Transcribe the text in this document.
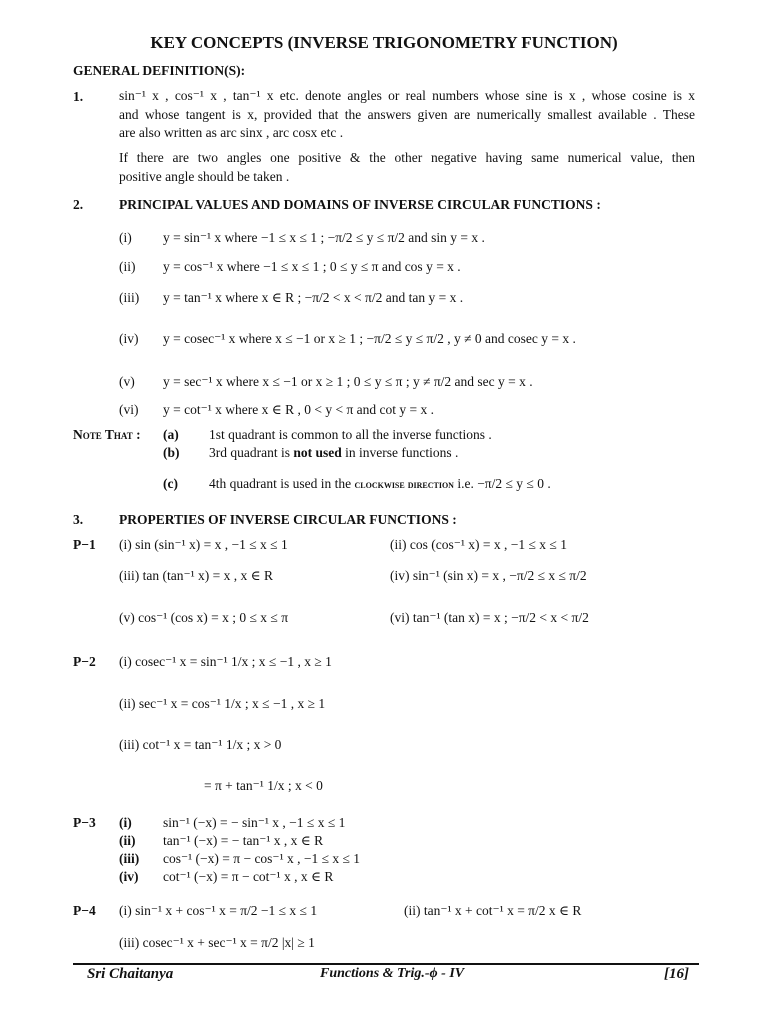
KEY CONCEPTS (INVERSE TRIGONOMETRY FUNCTION)
GENERAL DEFINITION(S):
1.	sin⁻¹ x , cos⁻¹ x , tan⁻¹ x etc. denote angles or real numbers whose sine is x , whose cosine is x
and whose tangent is x, provided that the answers given are numerically smallest available . These
are also written as arc sinx , arc cosx etc .
If there are two angles one positive & the other negative having same numerical value, then
positive angle should be taken .
2.	PRINCIPAL VALUES AND DOMAINS OF INVERSE CIRCULAR FUNCTIONS :
(i) y = sin⁻¹ x where −1 ≤ x ≤ 1 ; −π/2 ≤ y ≤ π/2 and sin y = x .
(ii) y = cos⁻¹ x where −1 ≤ x ≤ 1 ; 0 ≤ y ≤ π and cos y = x .
(iii) y = tan⁻¹ x where x ∈ R ; −π/2 < x < π/2 and tan y = x .
(iv) y = cosec⁻¹ x where x ≤ −1 or x ≥ 1 ; −π/2 ≤ y ≤ π/2 , y ≠ 0 and cosec y = x .
(v) y = sec⁻¹ x where x ≤ −1 or x ≥ 1 ; 0 ≤ y ≤ π ; y ≠ π/2 and sec y = x .
(vi) y = cot⁻¹ x where x ∈ R , 0 < y < π and cot y = x .
Note That : (a) 1st quadrant is common to all the inverse functions .
(b) 3rd quadrant is not used in inverse functions .
(c) 4th quadrant is used in the clockwise direction i.e. −π/2 ≤ y ≤ 0 .
3.	PROPERTIES OF INVERSE CIRCULAR FUNCTIONS :
P−1 (i) sin (sin⁻¹ x) = x , −1 ≤ x ≤ 1	(ii) cos (cos⁻¹ x) = x , −1 ≤ x ≤ 1
(iii) tan (tan⁻¹ x) = x , x ∈ R	(iv) sin⁻¹ (sin x) = x , −π/2 ≤ x ≤ π/2
(v) cos⁻¹ (cos x) = x ; 0 ≤ x ≤ π	(vi) tan⁻¹ (tan x) = x ; −π/2 < x < π/2
P−2 (i) cosec⁻¹ x = sin⁻¹ 1/x ; x ≤ −1 , x ≥ 1
(ii) sec⁻¹ x = cos⁻¹ 1/x ; x ≤ −1 , x ≥ 1
(iii) cot⁻¹ x = tan⁻¹ 1/x ; x > 0
= π + tan⁻¹ 1/x ; x < 0
P−3 (i) sin⁻¹ (−x) = − sin⁻¹ x , −1 ≤ x ≤ 1
(ii) tan⁻¹ (−x) = − tan⁻¹ x , x ∈ R
(iii) cos⁻¹ (−x) = π − cos⁻¹ x , −1 ≤ x ≤ 1
(iv) cot⁻¹ (−x) = π − cot⁻¹ x , x ∈ R
P−4 (i) sin⁻¹ x + cos⁻¹ x = π/2 −1 ≤ x ≤ 1	(ii) tan⁻¹ x + cot⁻¹ x = π/2 x ∈ R
(iii) cosec⁻¹ x + sec⁻¹ x = π/2 |x| ≥ 1
Sri Chaitanya	Functions & Trig.-ϕ - IV	[16]
